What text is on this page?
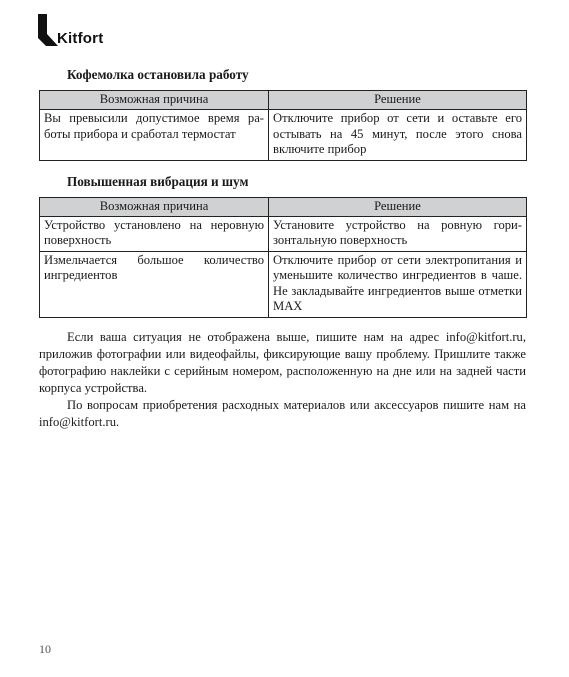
Kitfort
Кофемолка остановила работу
Возможная причина	Решение
Вы превысили допустимое время работы прибора и сработал термостат	Отключите прибор от сети и оставьте его остывать на 45 минут, после этого снова включите прибор
Повышенная вибрация и шум
Возможная причина	Решение
Устройство установлено на неровную поверхность	Установите устройство на ровную горизонтальную поверхность
Измельчается большое количество ингредиентов	Отключите прибор от сети электропитания и уменьшите количество ингредиентов в чаше. Не закладывайте ингредиентов выше отметки MAX

Если ваша ситуация не отображена выше, пишите нам на адрес info@kitfort.ru, приложив фотографии или видеофайлы, фиксирующие вашу проблему. Пришлите также фотографию наклейки с серийным номером, расположенную на дне или на задней части корпуса устройства.

По вопросам приобретения расходных материалов или аксессуаров пишите нам на info@kitfort.ru.

10
